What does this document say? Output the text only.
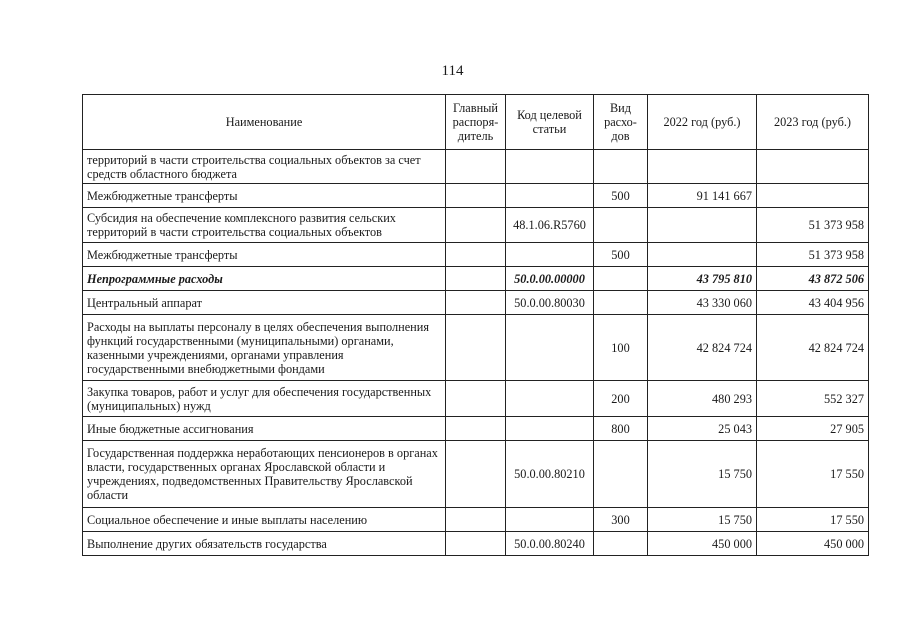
114
Наименование	Главный распоря-дитель	Код целевой статьи	Вид расхо-дов	2022 год (руб.)	2023 год (руб.)
территорий в части строительства социальных объектов за счет средств областного бюджета					
Межбюджетные трансферты			500	91 141 667	
Субсидия на обеспечение комплексного развития сельских территорий в части строительства социальных объектов		48.1.06.R5760			51 373 958
Межбюджетные трансферты			500		51 373 958
Непрограммные расходы		50.0.00.00000		43 795 810	43 872 506
Центральный аппарат		50.0.00.80030		43 330 060	43 404 956
Расходы на выплаты персоналу в целях обеспечения выполнения функций государственными (муниципальными) органами, казенными учреждениями, органами управления государственными внебюджетными фондами			100	42 824 724	42 824 724
Закупка товаров, работ и услуг для обеспечения государственных (муниципальных) нужд			200	480 293	552 327
Иные бюджетные ассигнования			800	25 043	27 905
Государственная поддержка неработающих пенсионеров в органах власти, государственных органах Ярославской области и учреждениях, подведомственных Правительству Ярославской области		50.0.00.80210		15 750	17 550
Социальное обеспечение и иные выплаты населению			300	15 750	17 550
Выполнение других обязательств государства		50.0.00.80240		450 000	450 000
